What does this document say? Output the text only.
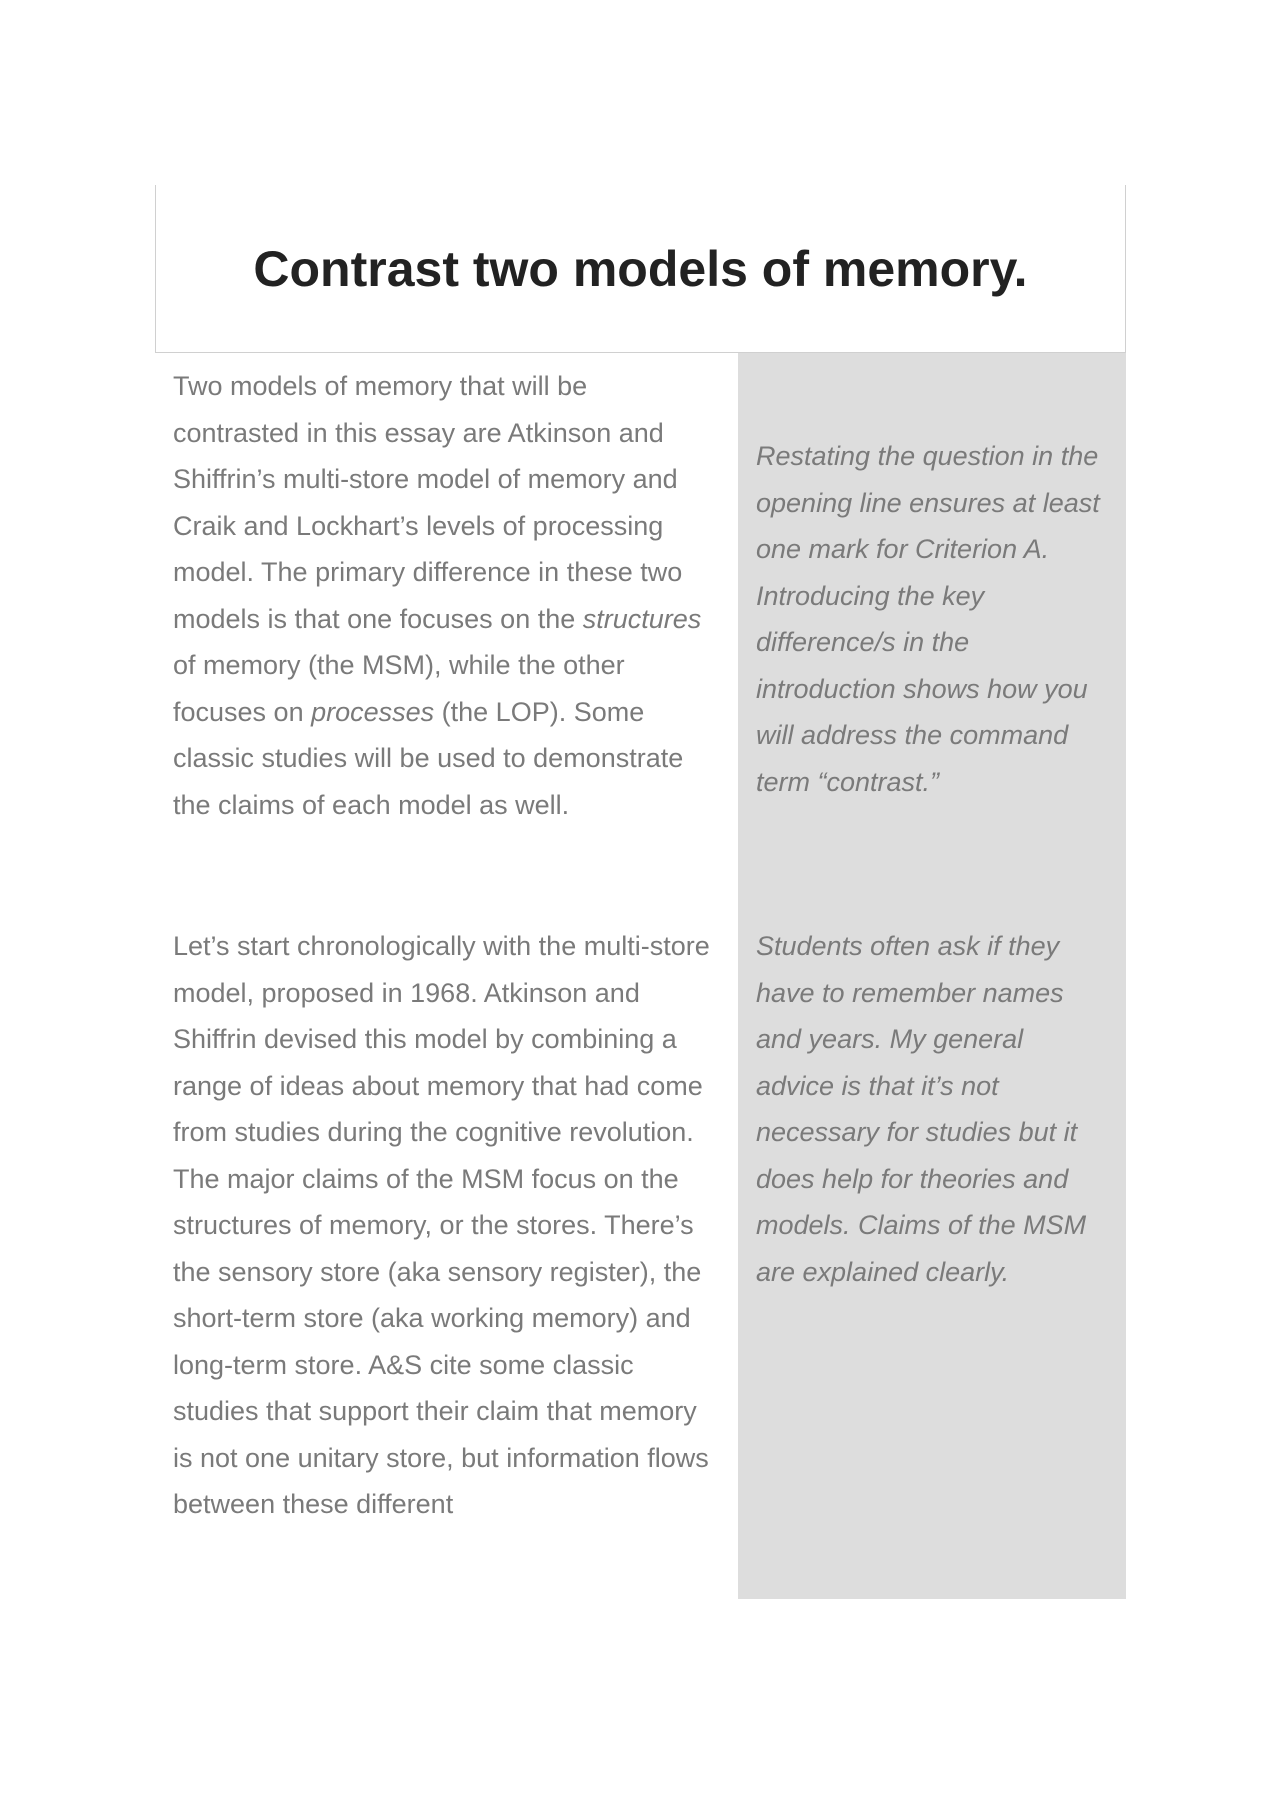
Contrast two models of memory.

Two models of memory that will be contrasted in this essay are Atkinson and Shiffrin’s multi-store model of memory and Craik and Lockhart’s levels of processing model. The primary difference in these two models is that one focuses on the structures of memory (the MSM), while the other focuses on processes (the LOP). Some classic studies will be used to demonstrate the claims of each model as well.

Restating the question in the opening line ensures at least one mark for Criterion A. Introducing the key difference/s in the introduction shows how you will address the command term “contrast.”

Let’s start chronologically with the multi-store model, proposed in 1968. Atkinson and Shiffrin devised this model by combining a range of ideas about memory that had come from studies during the cognitive revolution. The major claims of the MSM focus on the structures of memory, or the stores. There’s the sensory store (aka sensory register), the short-term store (aka working memory) and long-term store. A&S cite some classic studies that support their claim that memory is not one unitary store, but information flows between these different

Students often ask if they have to remember names and years. My general advice is that it’s not necessary for studies but it does help for theories and models. Claims of the MSM are explained clearly.
